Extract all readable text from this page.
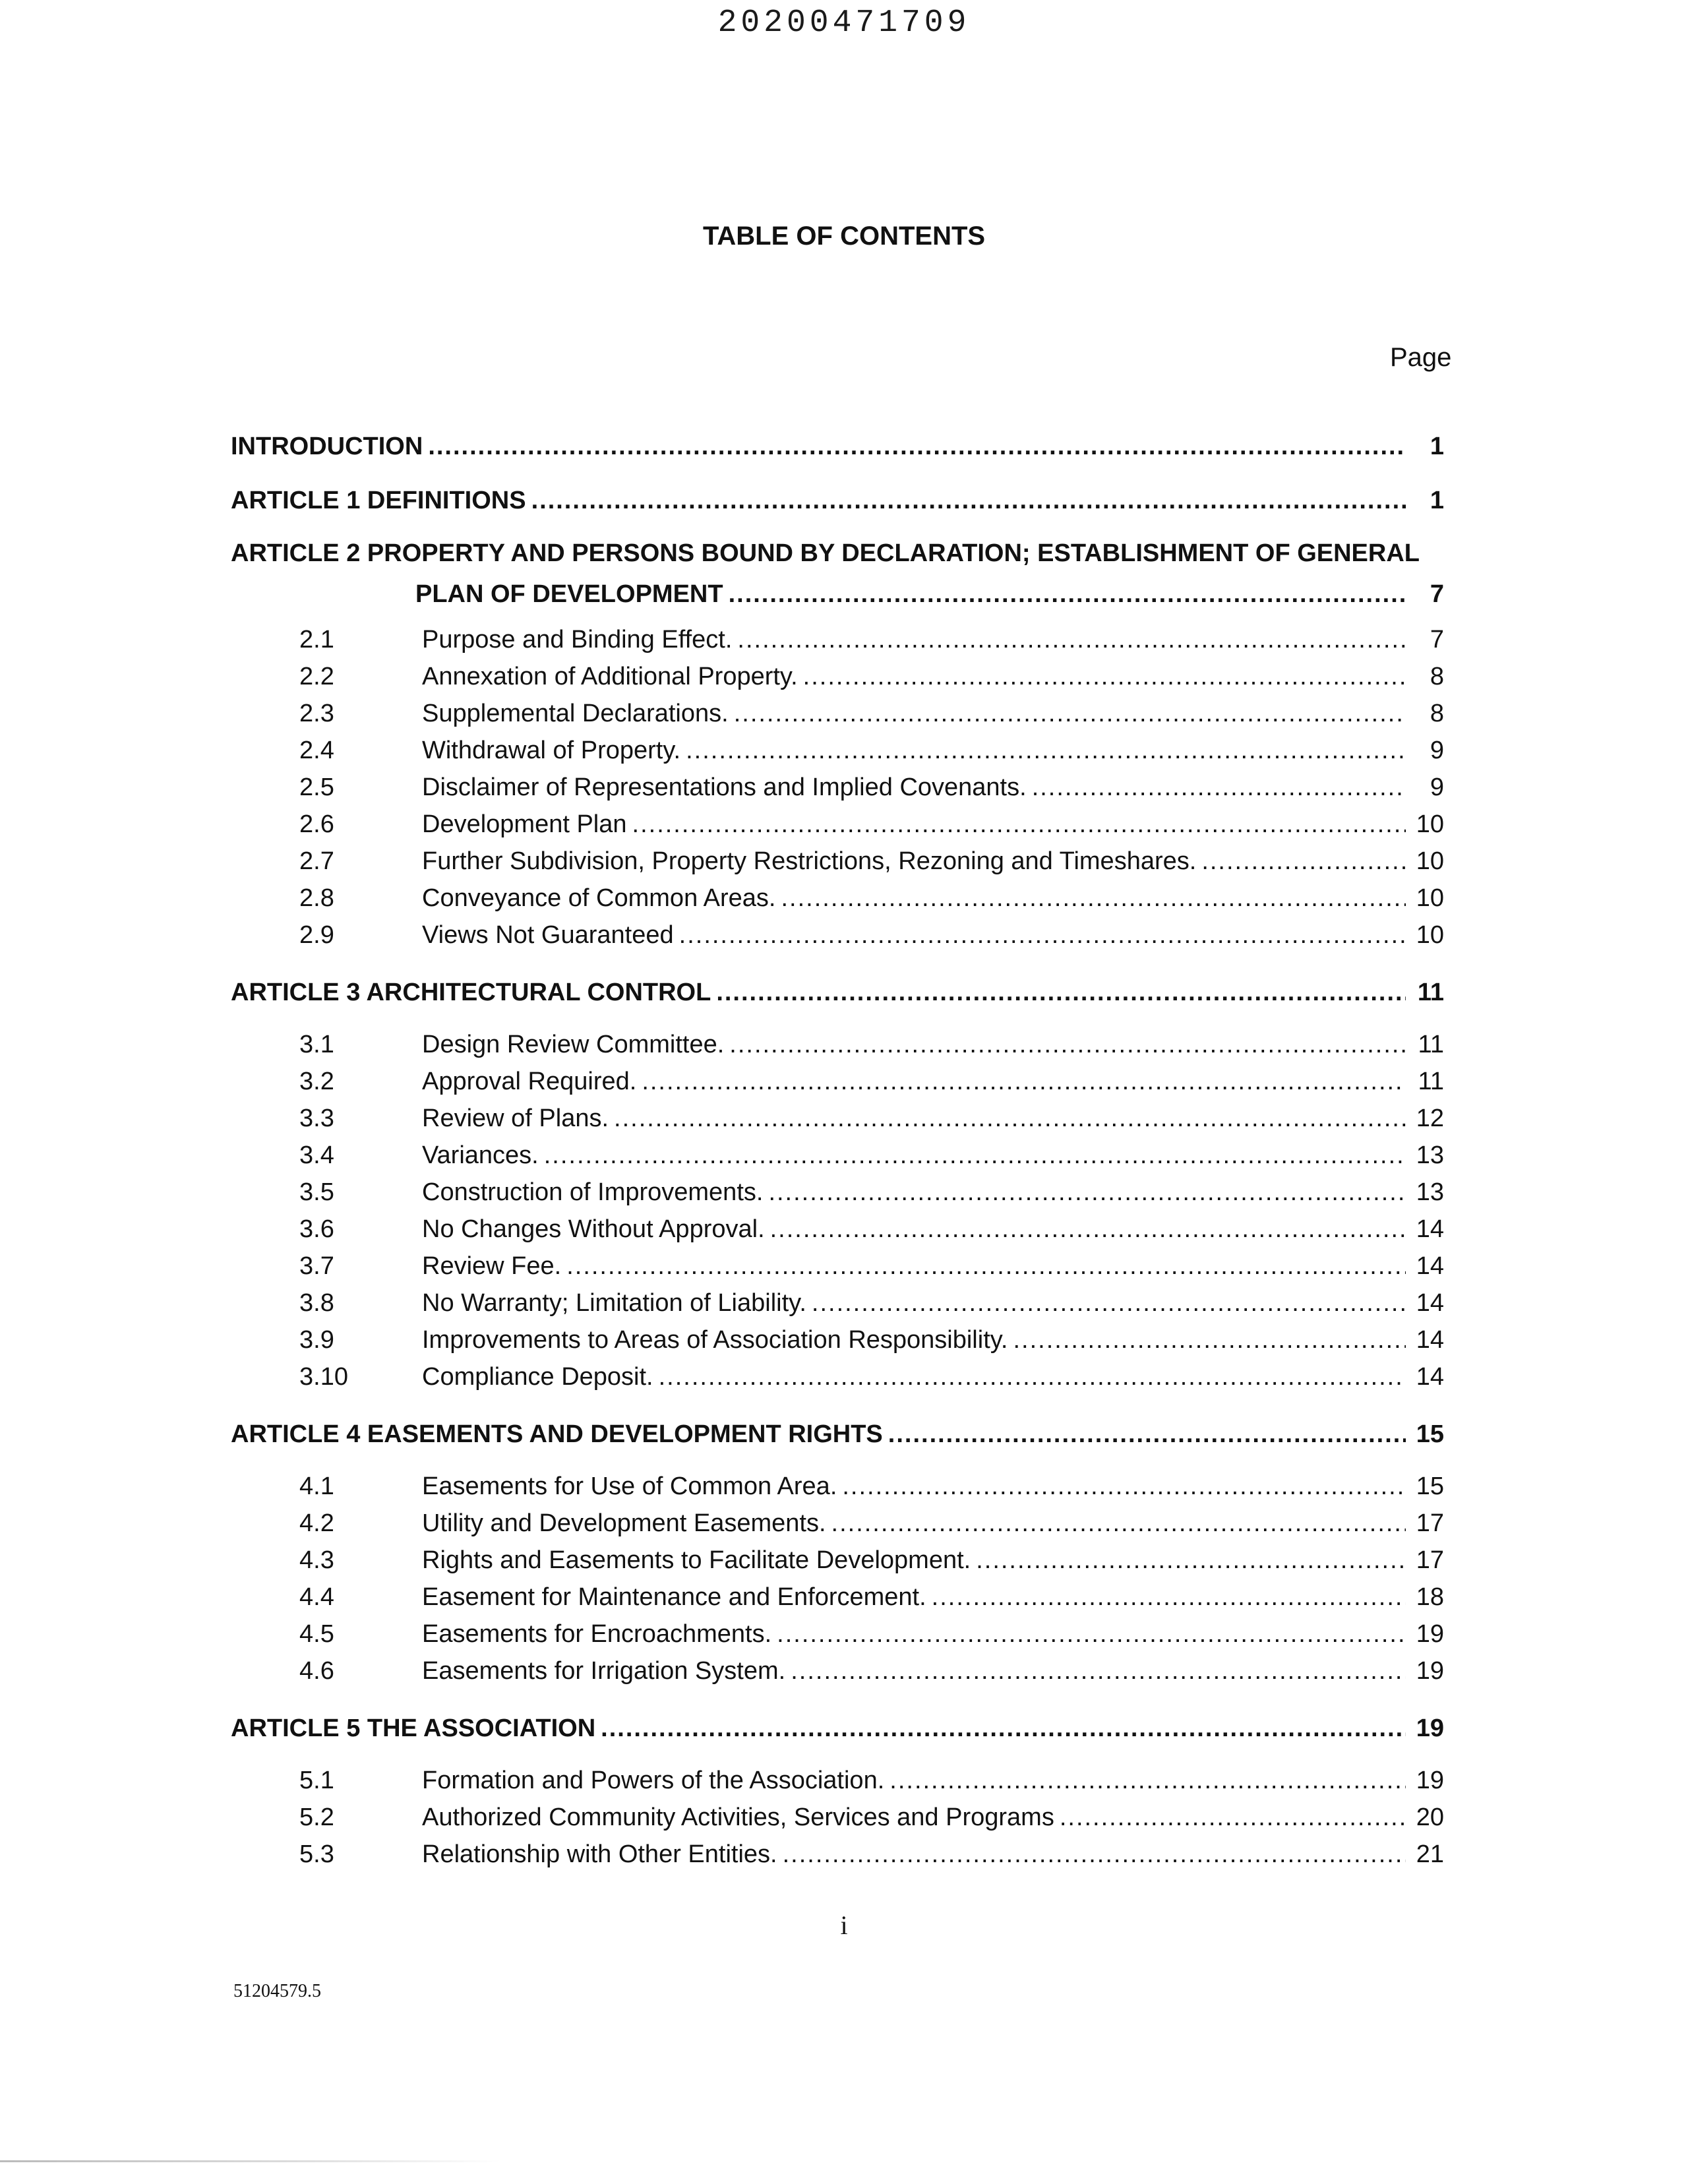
20200471709
TABLE OF CONTENTS
Page
INTRODUCTION .....	1
ARTICLE 1 DEFINITIONS .....	1
ARTICLE 2 PROPERTY AND PERSONS BOUND BY DECLARATION; ESTABLISHMENT OF GENERAL
PLAN OF DEVELOPMENT .....	7
2.1	Purpose and Binding Effect. .....	7
2.2	Annexation of Additional Property. .....	8
2.3	Supplemental Declarations. .....	8
2.4	Withdrawal of Property. .....	9
2.5	Disclaimer of Representations and Implied Covenants. .....	9
2.6	Development Plan .....	10
2.7	Further Subdivision, Property Restrictions, Rezoning and Timeshares. .....	10
2.8	Conveyance of Common Areas. .....	10
2.9	Views Not Guaranteed .....	10
ARTICLE 3 ARCHITECTURAL CONTROL .....	11
3.1	Design Review Committee. .....	11
3.2	Approval Required. .....	11
3.3	Review of Plans. .....	12
3.4	Variances. .....	13
3.5	Construction of Improvements. .....	13
3.6	No Changes Without Approval. .....	14
3.7	Review Fee. .....	14
3.8	No Warranty; Limitation of Liability. .....	14
3.9	Improvements to Areas of Association Responsibility. .....	14
3.10	Compliance Deposit. .....	14
ARTICLE 4 EASEMENTS AND DEVELOPMENT RIGHTS .....	15
4.1	Easements for Use of Common Area. .....	15
4.2	Utility and Development Easements. .....	17
4.3	Rights and Easements to Facilitate Development. .....	17
4.4	Easement for Maintenance and Enforcement. .....	18
4.5	Easements for Encroachments. .....	19
4.6	Easements for Irrigation System. .....	19
ARTICLE 5 THE ASSOCIATION .....	19
5.1	Formation and Powers of the Association. .....	19
5.2	Authorized Community Activities, Services and Programs .....	20
5.3	Relationship with Other Entities. .....	21
i
51204579.5
